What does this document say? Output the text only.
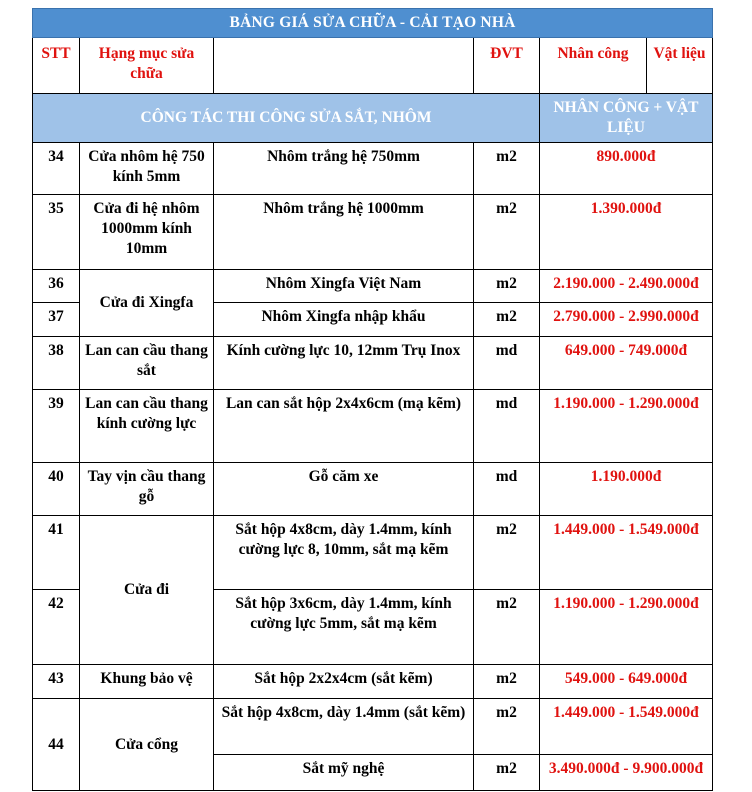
BẢNG GIÁ SỬA CHỮA - CẢI TẠO NHÀ					
STT	Hạng mục sửa chữa		ĐVT	Nhân công	Vật liệu
CÔNG TÁC THI CÔNG SỬA SẮT, NHÔM				NHÂN CÔNG + VẬT LIỆU	
34	Cửa nhôm hệ 750 kính 5mm	Nhôm trắng hệ 750mm	m2	890.000đ	
35	Cửa đi hệ nhôm 1000mm kính 10mm	Nhôm trắng hệ 1000mm	m2	1.390.000đ	
36	Cửa đi Xingfa	Nhôm Xingfa Việt Nam	m2	2.190.000 - 2.490.000đ	
37		Nhôm Xingfa nhập khẩu	m2	2.790.000 - 2.990.000đ	
38	Lan can cầu thang sắt	Kính cường lực 10, 12mm Trụ Inox	md	649.000 - 749.000đ	
39	Lan can cầu thang kính cường lực	Lan can sắt hộp 2x4x6cm (mạ kẽm)	md	1.190.000 - 1.290.000đ	
40	Tay vịn cầu thang gỗ	Gỗ căm xe	md	1.190.000đ	
41	Cửa đi	Sắt hộp 4x8cm, dày 1.4mm, kính cường lực 8, 10mm, sắt mạ kẽm	m2	1.449.000 - 1.549.000đ	
42		Sắt hộp 3x6cm, dày 1.4mm, kính cường lực 5mm, sắt mạ kẽm	m2	1.190.000 - 1.290.000đ	
43	Khung bảo vệ	Sắt hộp 2x2x4cm (sắt kẽm)	m2	549.000 - 649.000đ	
44	Cửa cổng	Sắt hộp 4x8cm, dày 1.4mm (sắt kẽm)	m2	1.449.000 - 1.549.000đ	
		Sắt mỹ nghệ	m2	3.490.000đ - 9.900.000đ	
